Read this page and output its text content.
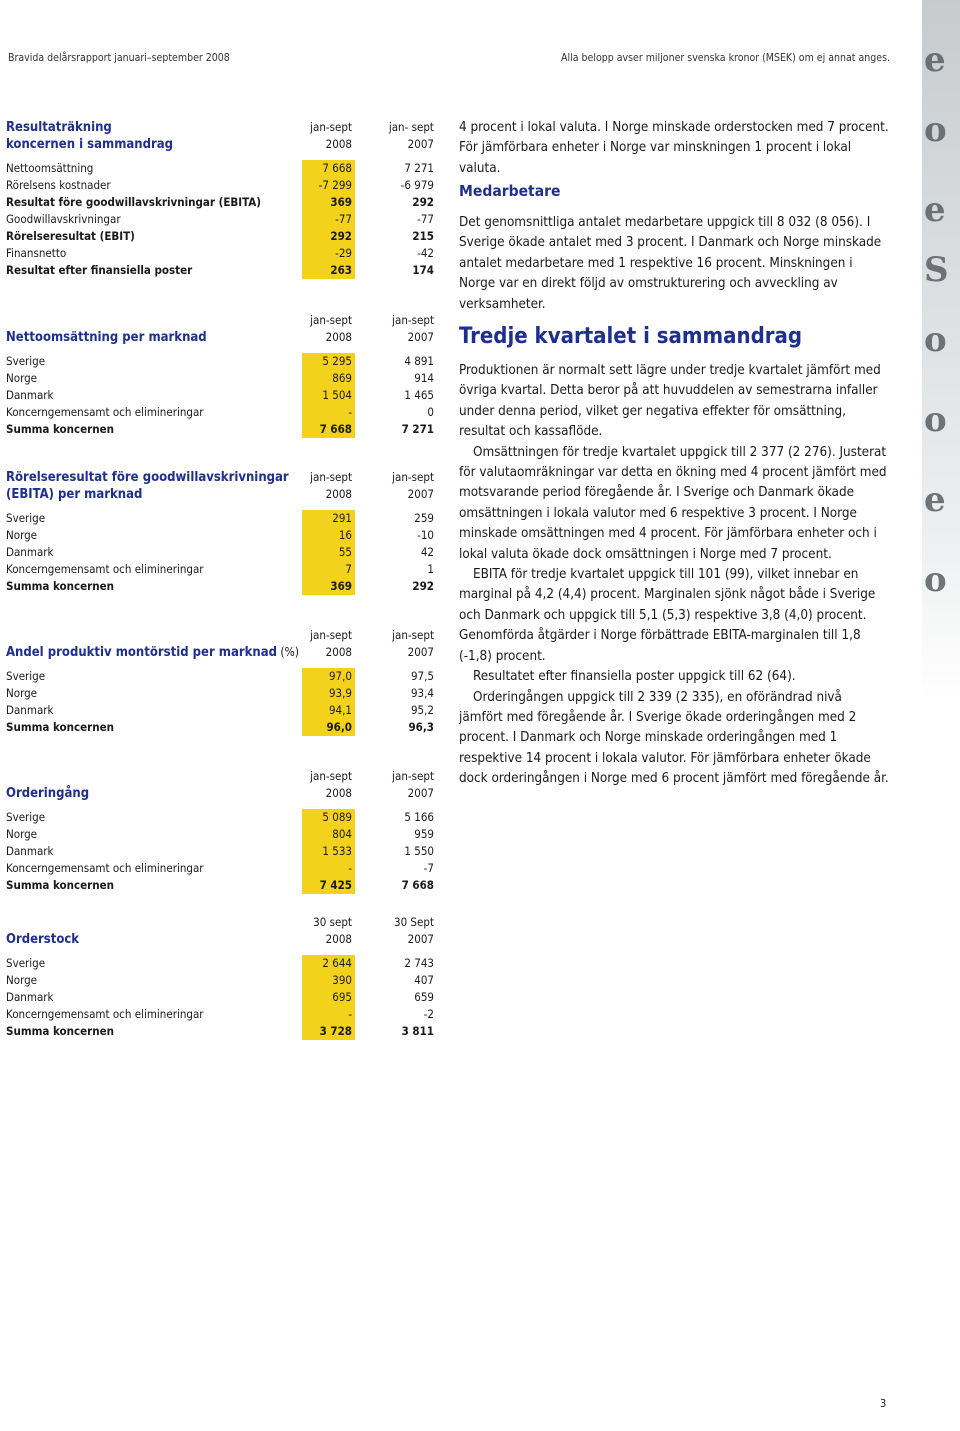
Bravida delårsrapport januari–september 2008	Alla belopp avser miljoner svenska kronor (MSEK) om ej annat anges. e
o
e
S
o
o
e
o
Resultaträkning	jan-sept	jan- sept
koncernen i sammandrag	2008	2007
Nettoomsättning	7 668	7 271
Rörelsens kostnader	-7 299	-6 979
Resultat före goodwillavskrivningar (EBITA)	369	292
Goodwillavskrivningar	-77	-77
Rörelseresultat (EBIT)	292	215
Finansnetto	-29	-42
Resultat efter finansiella poster	263	174
jan-sept	jan-sept
Nettoomsättning per marknad	2008	2007
Sverige	5 295	4 891
Norge	869	914
Danmark	1 504	1 465
Koncerngemensamt och elimineringar	-	0
Summa koncernen	7 668	7 271
Rörelseresultat före goodwillavskrivningar	jan-sept	jan-sept
(EBITA) per marknad	2008	2007
Sverige	291	259
Norge	16	-10
Danmark	55	42
Koncerngemensamt och elimineringar	7	1
Summa koncernen	369	292
jan-sept	jan-sept
Andel produktiv montörstid per marknad (%)	2008	2007
Sverige	97,0	97,5
Norge	93,9	93,4
Danmark	94,1	95,2
Summa koncernen	96,0	96,3
jan-sept	jan-sept
Orderingång	2008	2007
Sverige	5 089	5 166
Norge	804	959
Danmark	1 533	1 550
Koncerngemensamt och elimineringar	-	-7
Summa koncernen	7 425	7 668
30 sept	30 Sept
Orderstock	2008	2007
Sverige	2 644	2 743
Norge	390	407
Danmark	695	659
Koncerngemensamt och elimineringar	-	-2
Summa koncernen	3 728	3 811

4 procent i lokal valuta. I Norge minskade orderstocken med 7 procent.

För jämförbara enheter i Norge var minskningen 1 procent i lokal valuta.

Medarbetare

Det genomsnittliga antalet medarbetare uppgick till 8 032 (8 056). I Sverige ökade antalet med 3 procent. I Danmark och Norge minskade antalet medarbetare med 1 respektive 16 procent. Minskningen i Norge var en direkt följd av omstrukturering och avveckling av verksamheter.

Tredje kvartalet i sammandrag

Produktionen är normalt sett lägre under tredje kvartalet jämfört med övriga kvartal. Detta beror på att huvuddelen av semestrarna infaller under denna period, vilket ger negativa effekter för omsättning, resultat och kassaflöde.

Omsättningen för tredje kvartalet uppgick till 2 377 (2 276). Justerat för valutaomräkningar var detta en ökning med 4 procent jämfört med motsvarande period föregående år. I Sverige och Danmark ökade omsättningen i lokala valutor med 6 respektive 3 procent. I Norge minskade omsättningen med 4 procent. För jämförbara enheter och i lokal valuta ökade dock omsättningen i Norge med 7 procent.

EBITA för tredje kvartalet uppgick till 101 (99), vilket innebar en marginal på 4,2 (4,4) procent. Marginalen sjönk något både i Sverige och Danmark och uppgick till 5,1 (5,3) respektive 3,8 (4,0) procent. Genomförda åtgärder i Norge förbättrade EBITA-marginalen till 1,8 (-1,8) procent.

Resultatet efter finansiella poster uppgick till 62 (64).

Orderingången uppgick till 2 339 (2 335), en oförändrad nivå jämfört med föregående år. I Sverige ökade orderingången med 2 procent. I Danmark och Norge minskade orderingången med 1 respektive 14 procent i lokala valutor. För jämförbara enheter ökade dock orderingången i Norge med 6 procent jämfört med föregående år.

3
